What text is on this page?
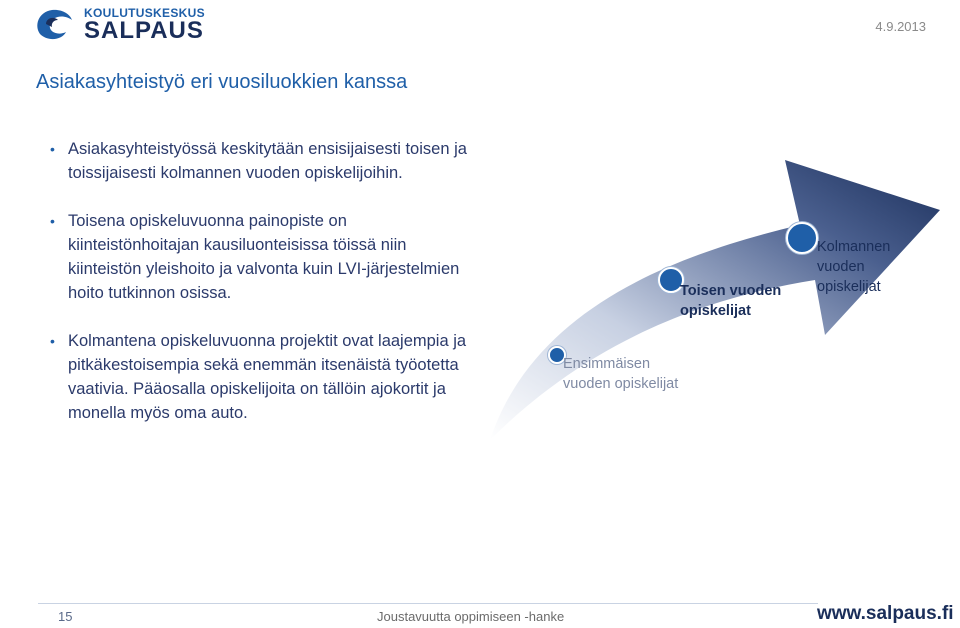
KOULUTUSKESKUS
SALPAUS	4.9.2013
Asiakasyhteistyö eri vuosiluokkien kanssa
• Asiakasyhteistyössä keskitytään ensisijaisesti toisen ja toissijaisesti kolmannen vuoden opiskelijoihin.
• Toisena opiskeluvuonna painopiste on kiinteistönhoitajan kausiluonteisissa töissä niin kiinteistön yleishoito ja valvonta kuin LVI-järjestelmien hoito tutkinnon osissa.
• Kolmantena opiskeluvuonna projektit ovat laajempia ja pitkäkestoisempia sekä enemmän itsenäistä työotetta vaativia. Pääosalla opiskelijoita on tällöin ajokortit ja monella myös oma auto.
Ensimmäisen vuoden opiskelijat
Toisen vuoden opiskelijat
Kolmannen vuoden opiskelijat
15	Joustavuutta oppimiseen -hanke	www.salpaus.fi
